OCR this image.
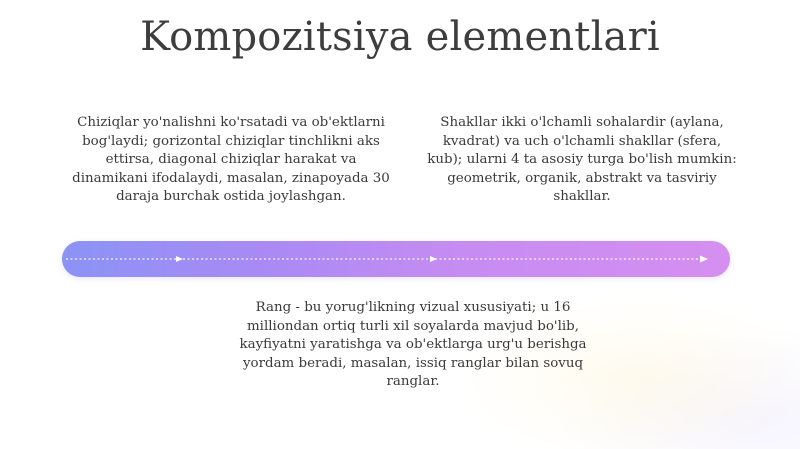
Kompozitsiya elementlari

Chiziqlar yo'nalishni ko'rsatadi va ob'ektlarni bog'laydi; gorizontal chiziqlar tinchlikni aks ettirsa, diagonal chiziqlar harakat va dinamikani ifodalaydi, masalan, zinapoyada 30 daraja burchak ostida joylashgan.

Shakllar ikki o'lchamli sohalardir (aylana, kvadrat) va uch o'lchamli shakllar (sfera, kub); ularni 4 ta asosiy turga bo'lish mumkin: geometrik, organik, abstrakt va tasviriy shakllar.

Rang - bu yorug'likning vizual xususiyati; u 16 milliondan ortiq turli xil soyalarda mavjud bo'lib, kayfiyatni yaratishga va ob'ektlarga urg'u berishga yordam beradi, masalan, issiq ranglar bilan sovuq ranglar.
